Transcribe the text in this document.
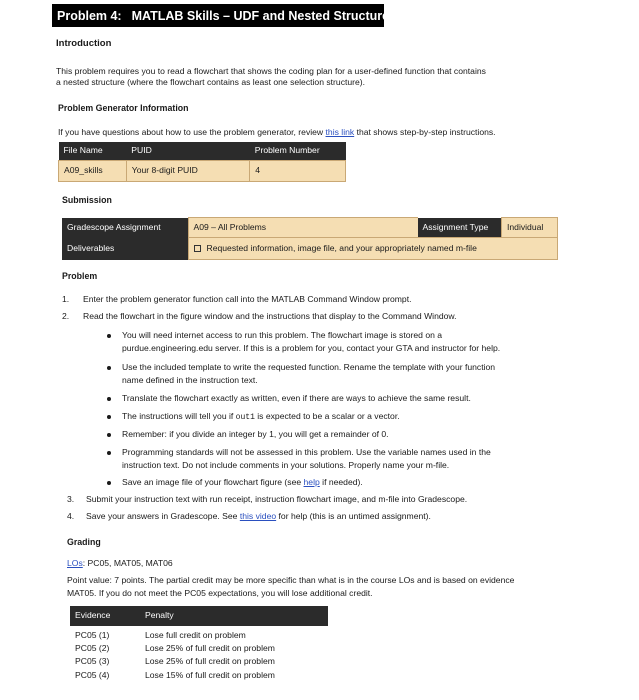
Problem 4: MATLAB Skills – UDF and Nested Structures
Introduction

This problem requires you to read a flowchart that shows the coding plan for a user-defined function that contains

a nested structure (where the flowchart contains as least one selection structure).

Problem Generator Information

If you have questions about how to use the problem generator, review this link that shows step-by-step instructions.

File Name	PUID	Problem Number
A09_skills	Your 8-digit PUID	4
Submission
Gradescope Assignment	A09 – All Problems	Assignment Type	Individual
Deliverables	Requested information, image file, and your appropriately named m-file		
Problem
1. Enter the problem generator function call into the MATLAB Command Window prompt.
2. Read the flowchart in the figure window and the instructions that display to the Command Window.
You will need internet access to run this problem. The flowchart image is stored on a
purdue.engineering.edu server. If this is a problem for you, contact your GTA and instructor for help.
Use the included template to write the requested function. Rename the template with your function
name defined in the instruction text.
Translate the flowchart exactly as written, even if there are ways to achieve the same result.
The instructions will tell you if out1 is expected to be a scalar or a vector.
Remember: if you divide an integer by 1, you will get a remainder of 0.
Programming standards will not be assessed in this problem. Use the variable names used in the
instruction text. Do not include comments in your solutions. Properly name your m-file.
Save an image file of your flowchart figure (see help if needed).
3. Submit your instruction text with run receipt, instruction flowchart image, and m-file into Gradescope.
4. Save your answers in Gradescope. See this video for help (this is an untimed assignment).
Grading
LOs: PC05, MAT05, MAT06
Point value: 7 points. The partial credit may be more specific than what is in the course LOs and is based on evidence
MAT05. If you do not meet the PC05 expectations, you will lose additional credit.
Evidence	Penalty
PC05 (1)	Lose full credit on problem
PC05 (2)	Lose 25% of full credit on problem
PC05 (3)	Lose 25% of full credit on problem
PC05 (4)	Lose 15% of full credit on problem
